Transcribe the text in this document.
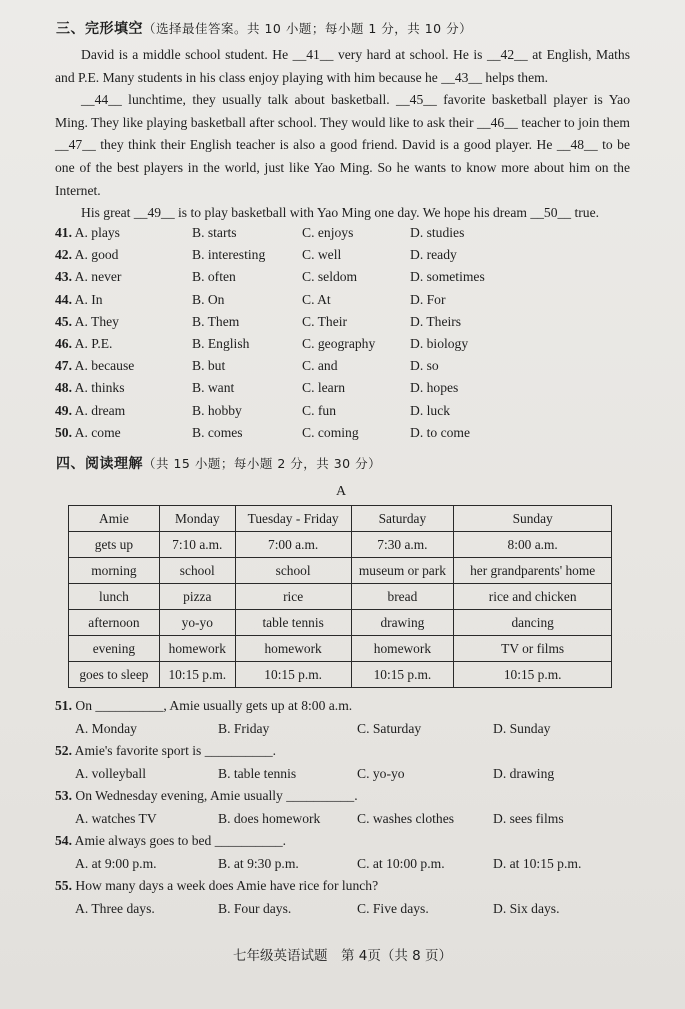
三、完形填空（选择最佳答案。共 10 小题；每小题 1 分，共 10 分）

David is a middle school student. He __41__ very hard at school. He is __42__ at English, Maths and P.E. Many students in his class enjoy playing with him because he __43__ helps them.

__44__ lunchtime, they usually talk about basketball. __45__ favorite basketball player is Yao Ming. They like playing basketball after school. They would like to ask their __46__ teacher to join them __47__ they think their English teacher is also a good friend. David is a good player. He __48__ to be one of the best players in the world, just like Yao Ming. So he wants to know more about him on the Internet.

His great __49__ is to play basketball with Yao Ming one day. We hope his dream __50__ true.

41. A. plays	B. starts	C. enjoys	D. studies
42. A. good	B. interesting	C. well	D. ready
43. A. never	B. often	C. seldom	D. sometimes
44. A. In	B. On	C. At	D. For
45. A. They	B. Them	C. Their	D. Theirs
46. A. P.E.	B. English	C. geography	D. biology
47. A. because	B. but	C. and	D. so
48. A. thinks	B. want	C. learn	D. hopes
49. A. dream	B. hobby	C. fun	D. luck
50. A. come	B. comes	C. coming	D. to come
四、阅读理解（共 15 小题；每小题 2 分，共 30 分）
A
Amie	Monday	Tuesday - Friday	Saturday	Sunday
gets up	7:10 a.m.	7:00 a.m.	7:30 a.m.	8:00 a.m.
morning	school	school	museum or park	her grandparents' home
lunch	pizza	rice	bread	rice and chicken
afternoon	yo-yo	table tennis	drawing	dancing
evening	homework	homework	homework	TV or films
goes to sleep	10:15 p.m.	10:15 p.m.	10:15 p.m.	10:15 p.m.
51. On __________, Amie usually gets up at 8:00 a.m.
A. Monday	B. Friday	C. Saturday	D. Sunday
52. Amie's favorite sport is __________.
A. volleyball	B. table tennis	C. yo-yo	D. drawing
53. On Wednesday evening, Amie usually __________.
A. watches TV	B. does homework	C. washes clothes	D. sees films
54. Amie always goes to bed __________.
A. at 9:00 p.m.	B. at 9:30 p.m.	C. at 10:00 p.m.	D. at 10:15 p.m.
55. How many days a week does Amie have rice for lunch?
A. Three days.	B. Four days.	C. Five days.	D. Six days.
七年级英语试题　第 4页（共 8 页）
